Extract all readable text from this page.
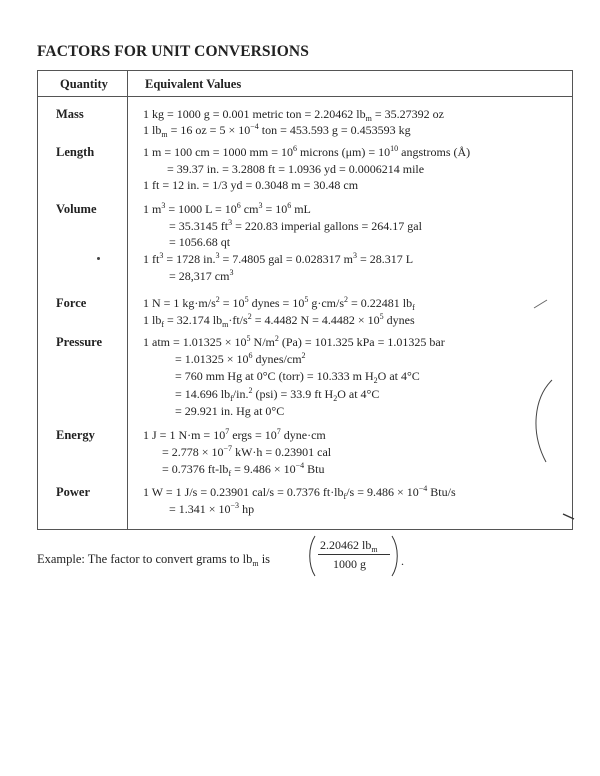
FACTORS FOR UNIT CONVERSIONS
Quantity	Equivalent Values
Mass	1 kg = 1000 g = 0.001 metric ton = 2.20462 $lb_m = 35.27392$ oz
1 $lb_m = 16$ oz = $5 \times 10^{-4}$ ton = 453.593 g = 0.453593 kg
Length	1 m = 100 cm = 1000 mm = $10^6$ microns $(\mu m) = 10^{10}$ angstroms (Å)
= 39.37 in. = 3.2808 ft = 1.0936 yd = 0.0006214 mile
1 ft = 12 in. = 1/3 yd = 0.3048 m = 30.48 cm
Volume	1 $m^3 = 1000$ $L = 10^6$ $cm^3 = 10^6$ mL
= 35.3145 $ft^3 = 220.83$ imperial gallons = 264.17 gal
= 1056.68 qt
1 $ft^3 = 1728$ in.$^3$ = 7.4805 gal = 0.028317 $m^3 = 28.317$ L
= 28,317 $cm^3$
Force	1 N = 1 $kg\cdot m/s^2 = 10^5$ dynes = $10^5$ $g\cdot cm/s^2 = 0.22481$ $lb_f$
1 $lb_f = 32.174$ $lb_m\cdot ft/s^2 = 4.4482$ $N = 4.4482 \times 10^5$ dynes
Pressure	1 atm = $1.01325 \times 10^5$ $N/m^2$ (Pa) = 101.325 kPa = 1.01325 bar
= $1.01325 \times 10^6$ dynes/$cm^2$
= 760 mm Hg at 0°C (torr) = 10.333 m $H_2O$ at 4°C
= 14.696 $lb_f/in.^2$ (psi) = 33.9 ft $H_2O$ at 4°C
= 29.921 in. Hg at 0°C
Energy	1 J = 1 $N\cdot m = 10^7$ ergs = $10^7$ dyne·cm
= $2.778 \times 10^{-7}$ kW·h = 0.23901 cal
= 0.7376 $ft-lb_f = 9.486 \times 10^{-4}$ Btu
Power	1 W = 1 J/s = 0.23901 cal/s = 0.7376 $ft\cdot lb_f/s = 9.486 \times 10^{-4}$ Btu/s
= $1.341 \times 10^{-3}$ hp
Example: The factor to convert grams to $lb_m$ is
2.20462 $lb_m$
1000 g	.
